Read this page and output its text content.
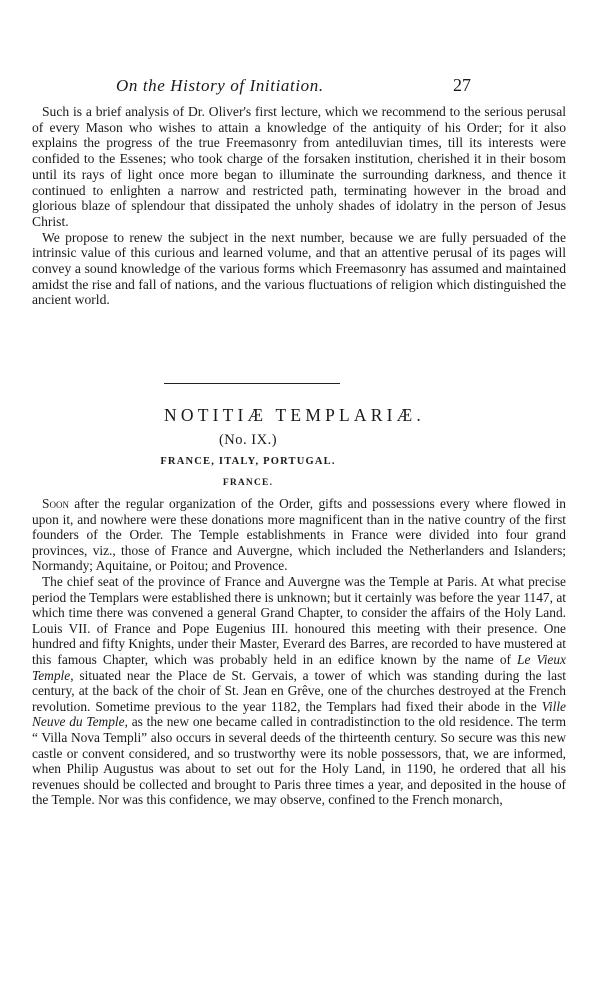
On the History of Initiation.	27

Such is a brief analysis of Dr. Oliver's first lecture, which we recommend to the serious perusal of every Mason who wishes to attain a knowledge of the antiquity of his Order; for it also explains the progress of the true Freemasonry from antediluvian times, till its interests were confided to the Essenes; who took charge of the forsaken institution, cherished it in their bosom until its rays of light once more began to illuminate the surrounding darkness, and thence it continued to enlighten a narrow and restricted path, terminating however in the broad and glorious blaze of splendour that dissipated the unholy shades of idolatry in the person of Jesus Christ.

We propose to renew the subject in the next number, because we are fully persuaded of the intrinsic value of this curious and learned volume, and that an attentive perusal of its pages will convey a sound knowledge of the various forms which Freemasonry has assumed and maintained amidst the rise and fall of nations, and the various fluctuations of religion which distinguished the ancient world.

NOTITIÆ TEMPLARIÆ.
(No. IX.)
FRANCE, ITALY, PORTUGAL.
FRANCE.

Soon after the regular organization of the Order, gifts and possessions every where flowed in upon it, and nowhere were these donations more magnificent than in the native country of the first founders of the Order. The Temple establishments in France were divided into four grand provinces, viz., those of France and Auvergne, which included the Netherlanders and Islanders; Normandy; Aquitaine, or Poitou; and Provence.

The chief seat of the province of France and Auvergne was the Temple at Paris. At what precise period the Templars were established there is unknown; but it certainly was before the year 1147, at which time there was convened a general Grand Chapter, to consider the affairs of the Holy Land. Louis VII. of France and Pope Eugenius III. honoured this meeting with their presence. One hundred and fifty Knights, under their Master, Everard des Barres, are recorded to have mustered at this famous Chapter, which was probably held in an edifice known by the name of Le Vieux Temple, situated near the Place de St. Gervais, a tower of which was standing during the last century, at the back of the choir of St. Jean en Grêve, one of the churches destroyed at the French revolution. Sometime previous to the year 1182, the Templars had fixed their abode in the Ville Neuve du Temple, as the new one became called in contradistinction to the old residence. The term “ Villa Nova Templi” also occurs in several deeds of the thirteenth century. So secure was this new castle or convent considered, and so trustworthy were its noble possessors, that, we are informed, when Philip Augustus was about to set out for the Holy Land, in 1190, he ordered that all his revenues should be collected and brought to Paris three times a year, and deposited in the house of the Temple. Nor was this confidence, we may observe, confined to the French monarch,
